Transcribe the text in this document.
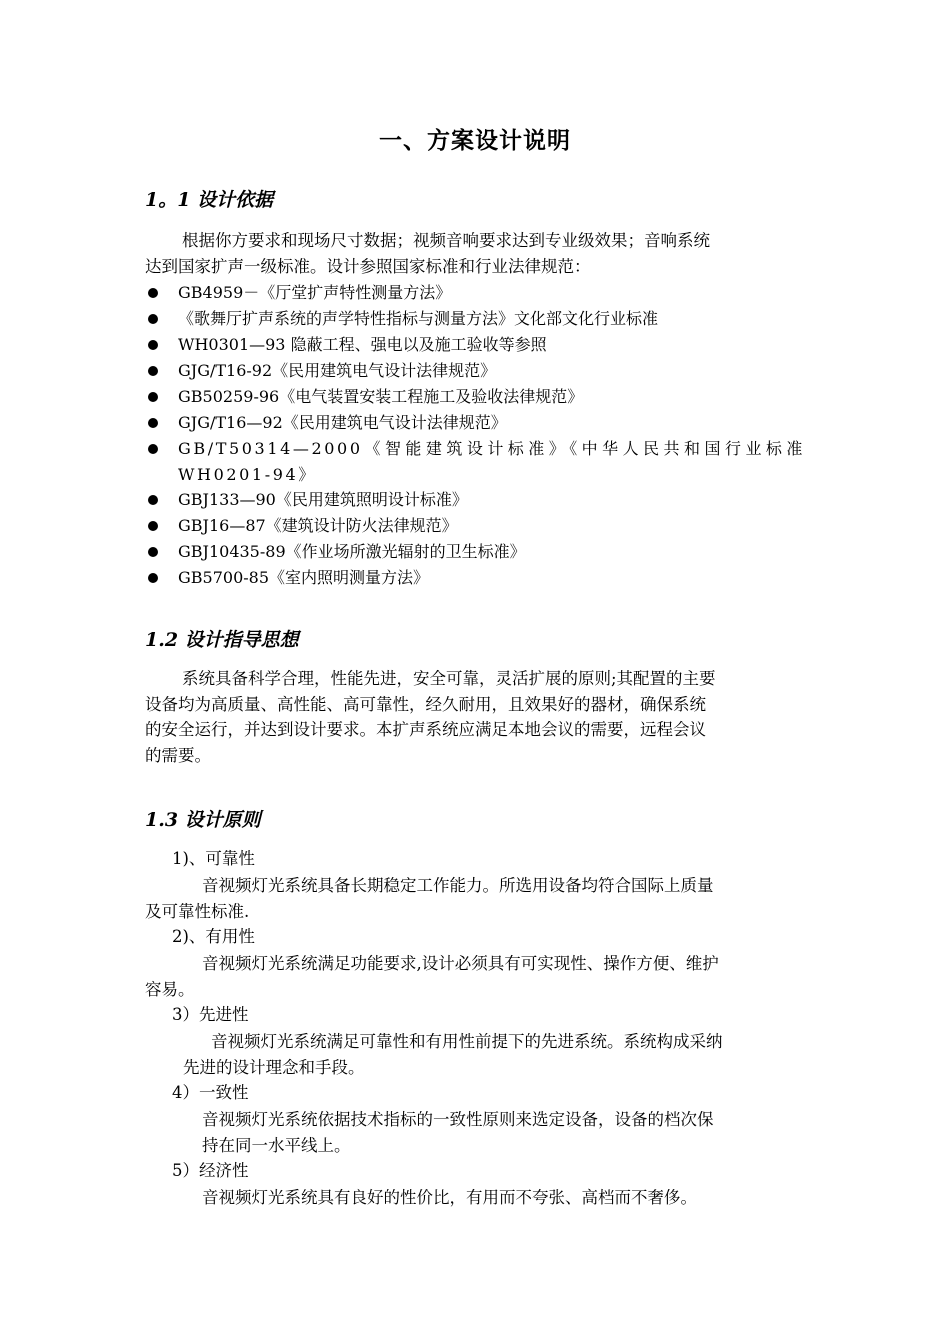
一、方案设计说明
1。1 设计依据
根据你方要求和现场尺寸数据；视频音响要求达到专业级效果；音响系统
达到国家扩声一级标准。设计参照国家标准和行业法律规范：
GB4959－《厅堂扩声特性测量方法》
《歌舞厅扩声系统的声学特性指标与测量方法》文化部文化行业标准
WH0301—93 隐蔽工程、强电以及施工验收等参照
GJG/T16-92《民用建筑电气设计法律规范》
GB50259-96《电气装置安装工程施工及验收法律规范》
GJG/T16—92《民用建筑电气设计法律规范》
GB/T50314—2000《智能建筑设计标准》《中华人民共和国行业标准 WH0201-94》
GBJ133—90《民用建筑照明设计标准》
GBJ16—87《建筑设计防火法律规范》
GBJ10435-89《作业场所激光辐射的卫生标准》
GB5700-85《室内照明测量方法》
1.2 设计指导思想
系统具备科学合理，性能先进，安全可靠，灵活扩展的原则;其配置的主要
设备均为高质量、高性能、高可靠性，经久耐用，且效果好的器材，确保系统
的安全运行，并达到设计要求。本扩声系统应满足本地会议的需要，远程会议
的需要。
1.3 设计原则
1)、可靠性
音视频灯光系统具备长期稳定工作能力。所选用设备均符合国际上质量
及可靠性标准.
2)、有用性
音视频灯光系统满足功能要求,设计必须具有可实现性、操作方便、维护
容易。
3）先进性
音视频灯光系统满足可靠性和有用性前提下的先进系统。系统构成采纳
先进的设计理念和手段。
4）一致性
音视频灯光系统依据技术指标的一致性原则来选定设备，设备的档次保
持在同一水平线上。
5）经济性
音视频灯光系统具有良好的性价比，有用而不夸张、高档而不奢侈。
